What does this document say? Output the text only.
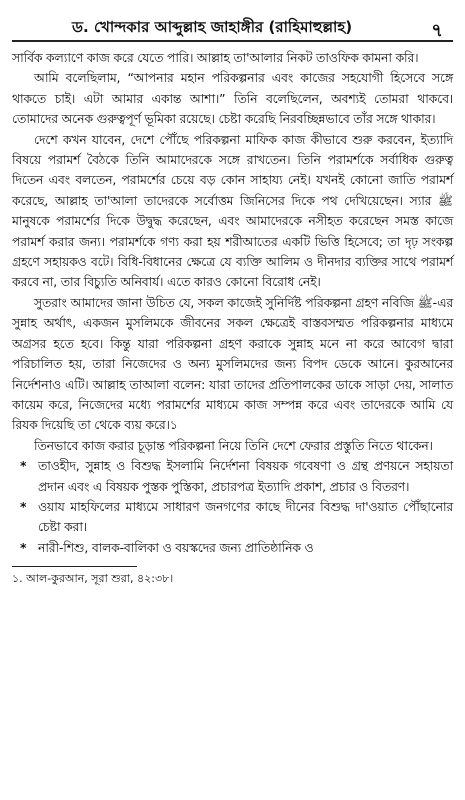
ড. খোন্দকার আব্দুল্লাহ জাহাঙ্গীর (রাহিমাহুল্লাহ)	৭

সার্বিক কল্যাণে কাজ করে যেতে পারি। আল্লাহ তা'আলার নিকট তাওফিক কামনা করি।

আমি বলেছিলাম, “আপনার মহান পরিকল্পনার এবং কাজের সহযোগী হিসেবে সঙ্গে থাকতে চাই। এটা আমার একান্ত আশা।” তিনি বলেছিলেন, অবশ্যই তোমরা থাকবে। তোমাদের অনেক গুরুত্বপূর্ণ ভূমিকা রয়েছে। চেষ্টা করেছি নিরবচ্ছিন্নভাবে তাঁর সঙ্গে থাকার।

দেশে কখন যাবেন, দেশে পৌঁছে পরিকল্পনা মাফিক কাজ কীভাবে শুরু করবেন, ইত্যাদি বিষয়ে পরামর্শ বৈঠকে তিনি আমাদেরকে সঙ্গে রাখতেন। তিনি পরামর্শকে সর্বাধিক গুরুত্ব দিতেন এবং বলতেন, পরামর্শের চেয়ে বড় কোন সাহায্য নেই। যখনই কোনো জাতি পরামর্শ করেছে, আল্লাহ তা'আলা তাদেরকে সর্বোত্তম জিনিসের দিকে পথ দেখিয়েছেন। স্যার ﷺ মানুষকে পরামর্শের দিকে উদ্বুদ্ধ করেছেন, এবং আমাদেরকে নসীহত করেছেন সমস্ত কাজে পরামর্শ করার জন্য। পরামর্শকে গণ্য করা হয় শরীআতের একটি ভিত্তি হিসেবে; তা দৃঢ় সংকল্প গ্রহণে সহায়কও বটে। বিধি-বিধানের ক্ষেত্রে যে ব্যক্তি আলিম ও দীনদার ব্যক্তির সাথে পরামর্শ করবে না, তার বিচ্যুতি অনিবার্য। এতে কারও কোনো বিরোধ নেই।

সুতরাং আমাদের জানা উচিত যে, সকল কাজেই সুনির্দিষ্ট পরিকল্পনা গ্রহণ নবিজি ﷺ-এর সুন্নাহ অর্থাৎ, একজন মুসলিমকে জীবনের সকল ক্ষেত্রেই বাস্তবসম্মত পরিকল্পনার মাধ্যমে অগ্রসর হতে হবে। কিন্তু যারা পরিকল্পনা গ্রহণ করাকে সুন্নাহ মনে না করে আবেগ দ্বারা পরিচালিত হয়, তারা নিজেদের ও অন্য মুসলিমদের জন্য বিপদ ডেকে আনে। কুরআনের নির্দেশনাও এটি। আল্লাহ তাআলা বলেন: যারা তাদের প্রতিপালকের ডাকে সাড়া দেয়, সালাত কায়েম করে, নিজেদের মধ্যে পরামর্শের মাধ্যমে কাজ সম্পন্ন করে এবং তাদেরকে আমি যে রিযক দিয়েছি তা থেকে ব্যয় করে।১

তিনভাবে কাজ করার চূড়ান্ত পরিকল্পনা নিয়ে তিনি দেশে ফেরার প্রস্তুতি নিতে থাকেন।

* তাওহীদ, সুন্নাহ ও বিশুদ্ধ ইসলামি নির্দেশনা বিষয়ক গবেষণা ও গ্রন্থ প্রণয়নে সহায়তা প্রদান এবং এ বিষয়ক পুস্তক পুস্তিকা, প্রচারপত্র ইত্যাদি প্রকাশ, প্রচার ও বিতরণ।

* ওয়ায মাহফিলের মাধ্যমে সাধারণ জনগণের কাছে দীনের বিশুদ্ধ দা'ওয়াত পৌঁছানোর চেষ্টা করা।

* নারী-শিশু, বালক-বালিকা ও বয়স্কদের জন্য প্রাতিষ্ঠানিক ও

১. আল-কুরআন, সূরা শুরা, ৪২:৩৮।
